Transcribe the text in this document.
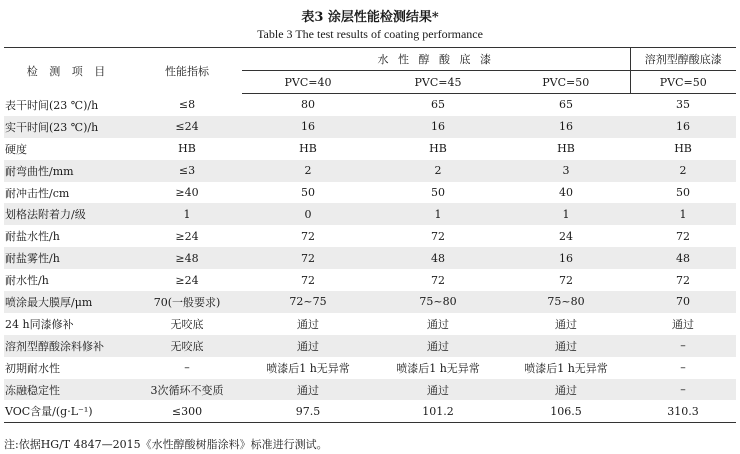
表3 涂层性能检测结果*
Table 3 The test results of coating performance
检 测 项 目	性能指标	水 性 醇 酸 底 漆			溶剂型醇酸底漆
		PVC=40	PVC=45	PVC=50	PVC=50
表干时间(23 ℃)/h	≤8	80	65	65	35
实干时间(23 ℃)/h	≤24	16	16	16	16
硬度	HB	HB	HB	HB	HB
耐弯曲性/mm	≤3	2	2	3	2
耐冲击性/cm	≥40	50	50	40	50
划格法附着力/级	1	0	1	1	1
耐盐水性/h	≥24	72	72	24	72
耐盐雾性/h	≥48	72	48	16	48
耐水性/h	≥24	72	72	72	72
喷涂最大膜厚/μm	70(一般要求)	72~75	75~80	75~80	70
24 h同漆修补	无咬底	通过	通过	通过	通过
溶剂型醇酸涂料修补	无咬底	通过	通过	通过	–
初期耐水性	–	喷漆后1 h无异常	喷漆后1 h无异常	喷漆后1 h无异常	–
冻融稳定性	3次循环不变质	通过	通过	通过	–
VOC含量/(g·L⁻¹)	≤300	97.5	101.2	106.5	310.3
注:依据HG/T 4847—2015《水性醇酸树脂涂料》标准进行测试。
